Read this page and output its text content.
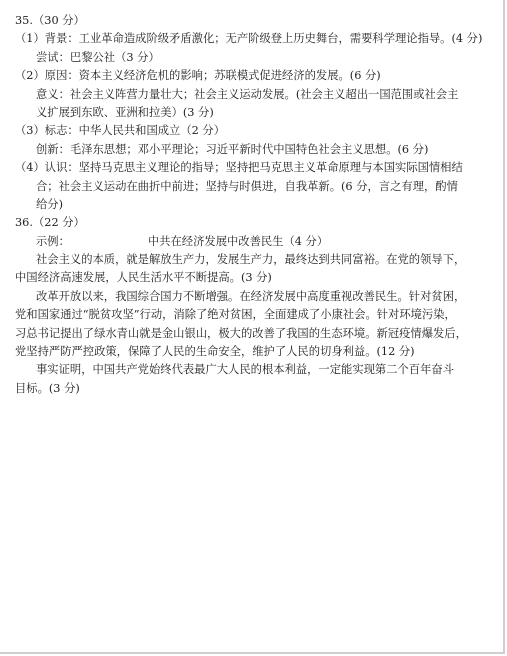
35.（30 分）
（1）背景：工业革命造成阶级矛盾激化；无产阶级登上历史舞台，需要科学理论指导。(4 分)
尝试：巴黎公社（3 分）
（2）原因：资本主义经济危机的影响；苏联模式促进经济的发展。(6 分)
意义：社会主义阵营力量壮大；社会主义运动发展。(社会主义超出一国范围或社会主
义扩展到东欧、亚洲和拉美）(3 分)
（3）标志：中华人民共和国成立（2 分）
创新：毛泽东思想；邓小平理论；习近平新时代中国特色社会主义思想。(6 分)
（4）认识：坚持马克思主义理论的指导；坚持把马克思主义革命原理与本国实际国情相结
合；社会主义运动在曲折中前进；坚持与时俱进，自我革新。(6 分，言之有理，酌情
给分)
36.（22 分）
示例：	中共在经济发展中改善民生（4 分）
社会主义的本质，就是解放生产力，发展生产力，最终达到共同富裕。在党的领导下，
中国经济高速发展，人民生活水平不断提高。(3 分)
改革开放以来，我国综合国力不断增强。在经济发展中高度重视改善民生。针对贫困，
党和国家通过“脱贫攻坚”行动，消除了绝对贫困，全面建成了小康社会。针对环境污染，
习总书记提出了绿水青山就是金山银山，极大的改善了我国的生态环境。新冠疫情爆发后，
党坚持严防严控政策，保障了人民的生命安全，维护了人民的切身利益。(12 分)
事实证明，中国共产党始终代表最广大人民的根本利益，一定能实现第二个百年奋斗
目标。(3 分)
